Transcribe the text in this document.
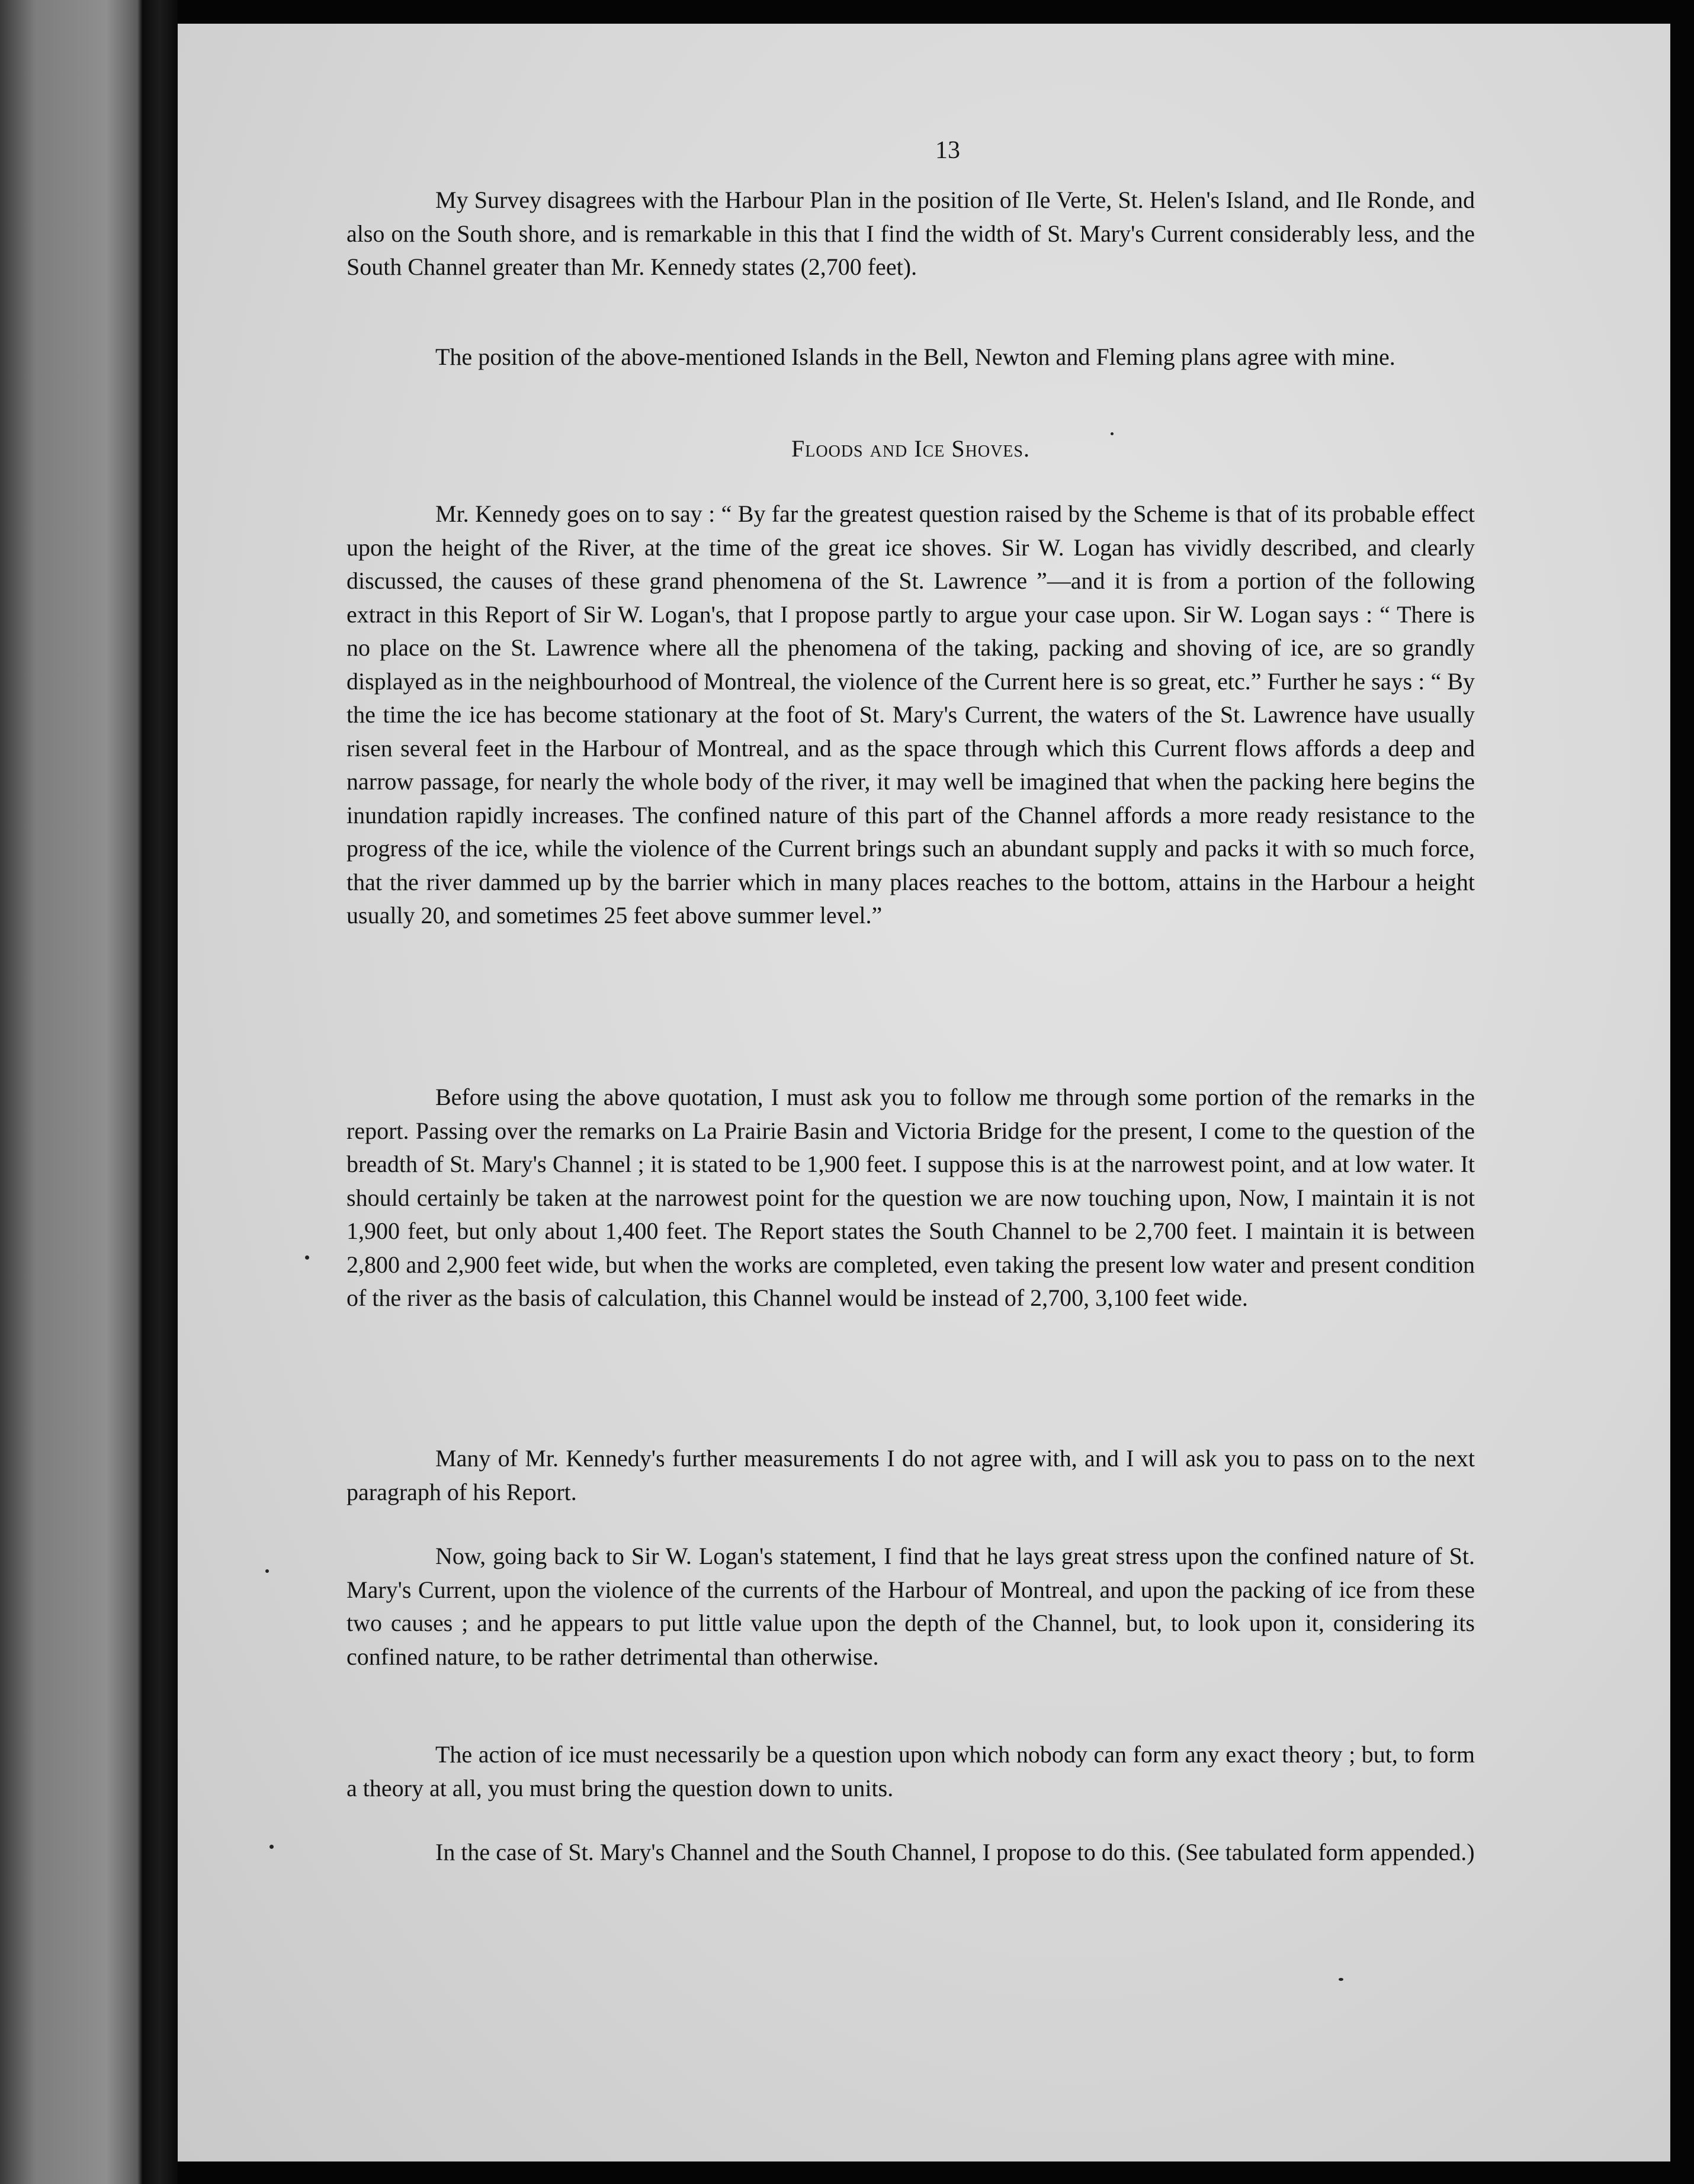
13

My Survey disagrees with the Harbour Plan in the position of Ile Verte, St. Helen's Island, and Ile Ronde, and also on the South shore, and is remarkable in this that I find the width of St. Mary's Current considerably less, and the South Channel greater than Mr. Kennedy states (2,700 feet).

The position of the above-mentioned Islands in the Bell, Newton and Fleming plans agree with mine.

Floods and Ice Shoves.

Mr. Kennedy goes on to say : “ By far the greatest question raised by the Scheme is that of its probable effect upon the height of the River, at the time of the great ice shoves. Sir W. Logan has vividly described, and clearly discussed, the causes of these grand phenomena of the St. Lawrence ”—and it is from a portion of the following extract in this Report of Sir W. Logan's, that I propose partly to argue your case upon. Sir W. Logan says : “ There is no place on the St. Lawrence where all the phenomena of the taking, packing and shoving of ice, are so grandly displayed as in the neighbourhood of Montreal, the violence of the Current here is so great, etc.” Further he says : “ By the time the ice has become stationary at the foot of St. Mary's Current, the waters of the St. Lawrence have usually risen several feet in the Harbour of Montreal, and as the space through which this Current flows affords a deep and narrow passage, for nearly the whole body of the river, it may well be imagined that when the packing here begins the inundation rapidly increases. The confined nature of this part of the Channel affords a more ready resistance to the progress of the ice, while the violence of the Current brings such an abundant supply and packs it with so much force, that the river dammed up by the barrier which in many places reaches to the bottom, attains in the Harbour a height usually 20, and sometimes 25 feet above summer level.”

Before using the above quotation, I must ask you to follow me through some portion of the remarks in the report. Passing over the remarks on La Prairie Basin and Victoria Bridge for the present, I come to the question of the breadth of St. Mary's Channel ; it is stated to be 1,900 feet. I suppose this is at the narrowest point, and at low water. It should certainly be taken at the narrowest point for the question we are now touching upon, Now, I maintain it is not 1,900 feet, but only about 1,400 feet. The Report states the South Channel to be 2,700 feet. I maintain it is between 2,800 and 2,900 feet wide, but when the works are completed, even taking the present low water and present condition of the river as the basis of calculation, this Channel would be instead of 2,700, 3,100 feet wide.

Many of Mr. Kennedy's further measurements I do not agree with, and I will ask you to pass on to the next paragraph of his Report.

Now, going back to Sir W. Logan's statement, I find that he lays great stress upon the confined nature of St. Mary's Current, upon the violence of the currents of the Harbour of Montreal, and upon the packing of ice from these two causes ; and he appears to put little value upon the depth of the Channel, but, to look upon it, considering its confined nature, to be rather detrimental than otherwise.

The action of ice must necessarily be a question upon which nobody can form any exact theory ; but, to form a theory at all, you must bring the question down to units.

In the case of St. Mary's Channel and the South Channel, I propose to do this. (See tabulated form appended.)
